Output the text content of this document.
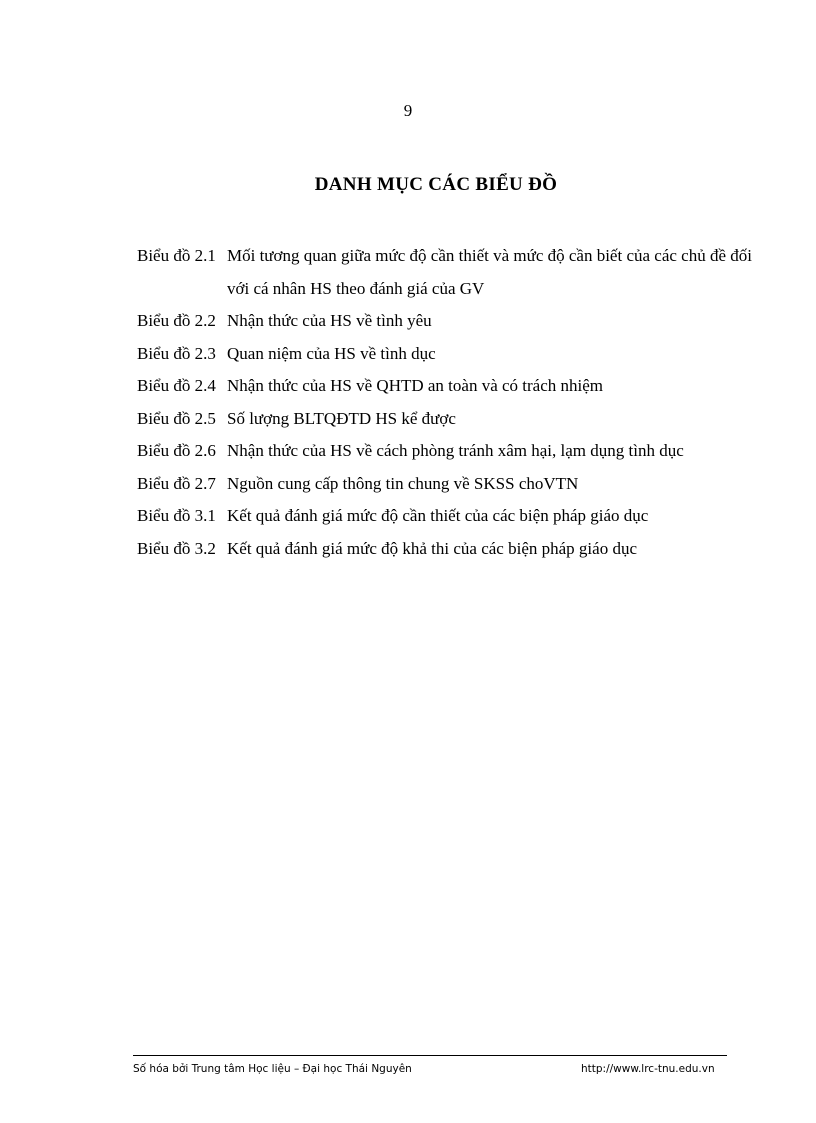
9
DANH MỤC CÁC BIỂU ĐỒ
Biểu đồ 2.1 Mối tương quan giữa mức độ cần thiết và mức độ cần biết của các chủ đề đối với cá nhân HS theo đánh giá của GV
Biểu đồ 2.2 Nhận thức của HS về tình yêu
Biểu đồ 2.3 Quan niệm của HS về tình dục
Biểu đồ 2.4 Nhận thức của HS về QHTD an toàn và có trách nhiệm
Biểu đồ 2.5 Số lượng BLTQĐTD HS kể được
Biểu đồ 2.6 Nhận thức của HS về cách phòng tránh xâm hại, lạm dụng tình dục
Biểu đồ 2.7 Nguồn cung cấp thông tin chung về SKSS choVTN
Biểu đồ 3.1 Kết quả đánh giá mức độ cần thiết của các biện pháp giáo dục
Biểu đồ 3.2 Kết quả đánh giá mức độ khả thi của các biện pháp giáo dục
Số hóa bởi Trung tâm Học liệu – Đại học Thái Nguyên	http://www.lrc-tnu.edu.vn
